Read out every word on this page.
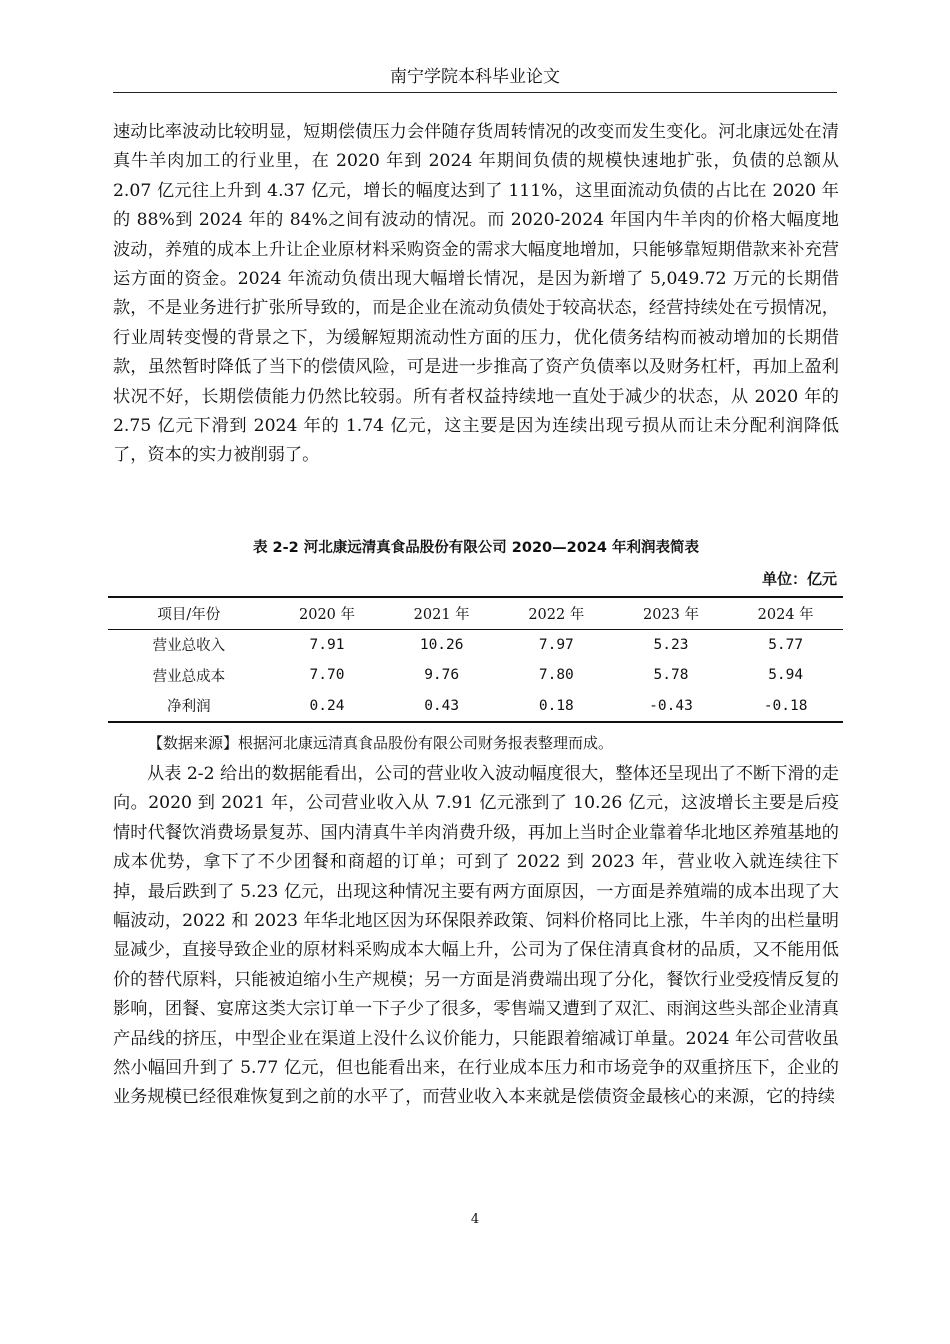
南宁学院本科毕业论文

速动比率波动比较明显，短期偿债压力会伴随存货周转情况的改变而发生变化。河北康远处在清真牛羊肉加工的行业里，在 2020 年到 2024 年期间负债的规模快速地扩张，负债的总额从 2.07 亿元往上升到 4.37 亿元，增长的幅度达到了 111%，这里面流动负债的占比在 2020 年的 88%到 2024 年的 84%之间有波动的情况。而 2020-2024 年国内牛羊肉的价格大幅度地波动，养殖的成本上升让企业原材料采购资金的需求大幅度地增加，只能够靠短期借款来补充营运方面的资金。2024 年流动负债出现大幅增长情况，是因为新增了 5,049.72 万元的长期借款，不是业务进行扩张所导致的，而是企业在流动负债处于较高状态，经营持续处在亏损情况，行业周转变慢的背景之下，为缓解短期流动性方面的压力，优化债务结构而被动增加的长期借款，虽然暂时降低了当下的偿债风险，可是进一步推高了资产负债率以及财务杠杆，再加上盈利状况不好，长期偿债能力仍然比较弱。所有者权益持续地一直处于减少的状态，从 2020 年的 2.75 亿元下滑到 2024 年的 1.74 亿元，这主要是因为连续出现亏损从而让未分配利润降低了，资本的实力被削弱了。

表 2-2 河北康远清真食品股份有限公司 2020—2024 年利润表简表
单位：亿元
项目/年份	2020 年	2021 年	2022 年	2023 年	2024 年
营业总收入	7.91	10.26	7.97	5.23	5.77
营业总成本	7.70	9.76	7.80	5.78	5.94
净利润	0.24	0.43	0.18	-0.43	-0.18
【数据来源】根据河北康远清真食品股份有限公司财务报表整理而成。

从表 2-2 给出的数据能看出，公司的营业收入波动幅度很大，整体还呈现出了不断下滑的走向。2020 到 2021 年，公司营业收入从 7.91 亿元涨到了 10.26 亿元，这波增长主要是后疫情时代餐饮消费场景复苏、国内清真牛羊肉消费升级，再加上当时企业靠着华北地区养殖基地的成本优势，拿下了不少团餐和商超的订单；可到了 2022 到 2023 年，营业收入就连续往下掉，最后跌到了 5.23 亿元，出现这种情况主要有两方面原因，一方面是养殖端的成本出现了大幅波动，2022 和 2023 年华北地区因为环保限养政策、饲料价格同比上涨，牛羊肉的出栏量明显减少，直接导致企业的原材料采购成本大幅上升，公司为了保住清真食材的品质，又不能用低价的替代原料，只能被迫缩小生产规模；另一方面是消费端出现了分化，餐饮行业受疫情反复的影响，团餐、宴席这类大宗订单一下子少了很多，零售端又遭到了双汇、雨润这些头部企业清真产品线的挤压，中型企业在渠道上没什么议价能力，只能跟着缩减订单量。2024 年公司营收虽然小幅回升到了 5.77 亿元，但也能看出来，在行业成本压力和市场竞争的双重挤压下，企业的业务规模已经很难恢复到之前的水平了，而营业收入本来就是偿债资金最核心的来源，它的持续

4
